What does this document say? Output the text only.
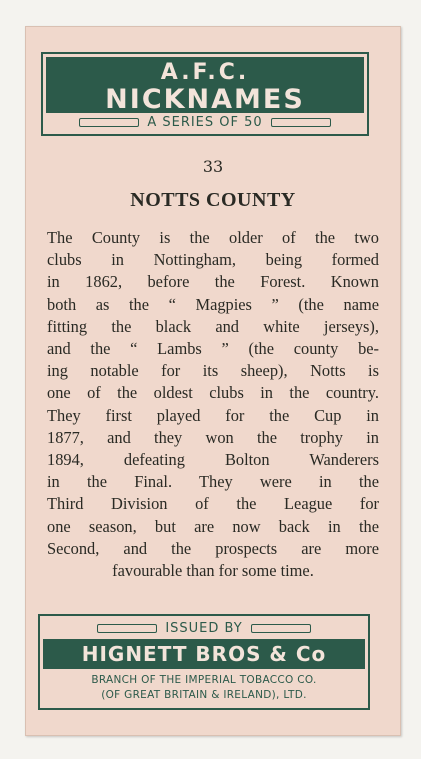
A.F.C.
NICKNAMES
A SERIES OF 50
33
NOTTS COUNTY
The County is the older of the two
clubs in Nottingham, being formed
in 1862, before the Forest. Known
both as the “ Magpies ” (the name
fitting the black and white jerseys),
and the “ Lambs ” (the county be-
ing notable for its sheep), Notts is
one of the oldest clubs in the country.
They first played for the Cup in
1877, and they won the trophy in
1894, defeating Bolton Wanderers
in the Final. They were in the
Third Division of the League for
one season, but are now back in the
Second, and the prospects are more
favourable than for some time.
ISSUED BY
HIGNETT BROS & Co
BRANCH OF THE IMPERIAL TOBACCO CO.
(OF GREAT BRITAIN & IRELAND), LTD.
